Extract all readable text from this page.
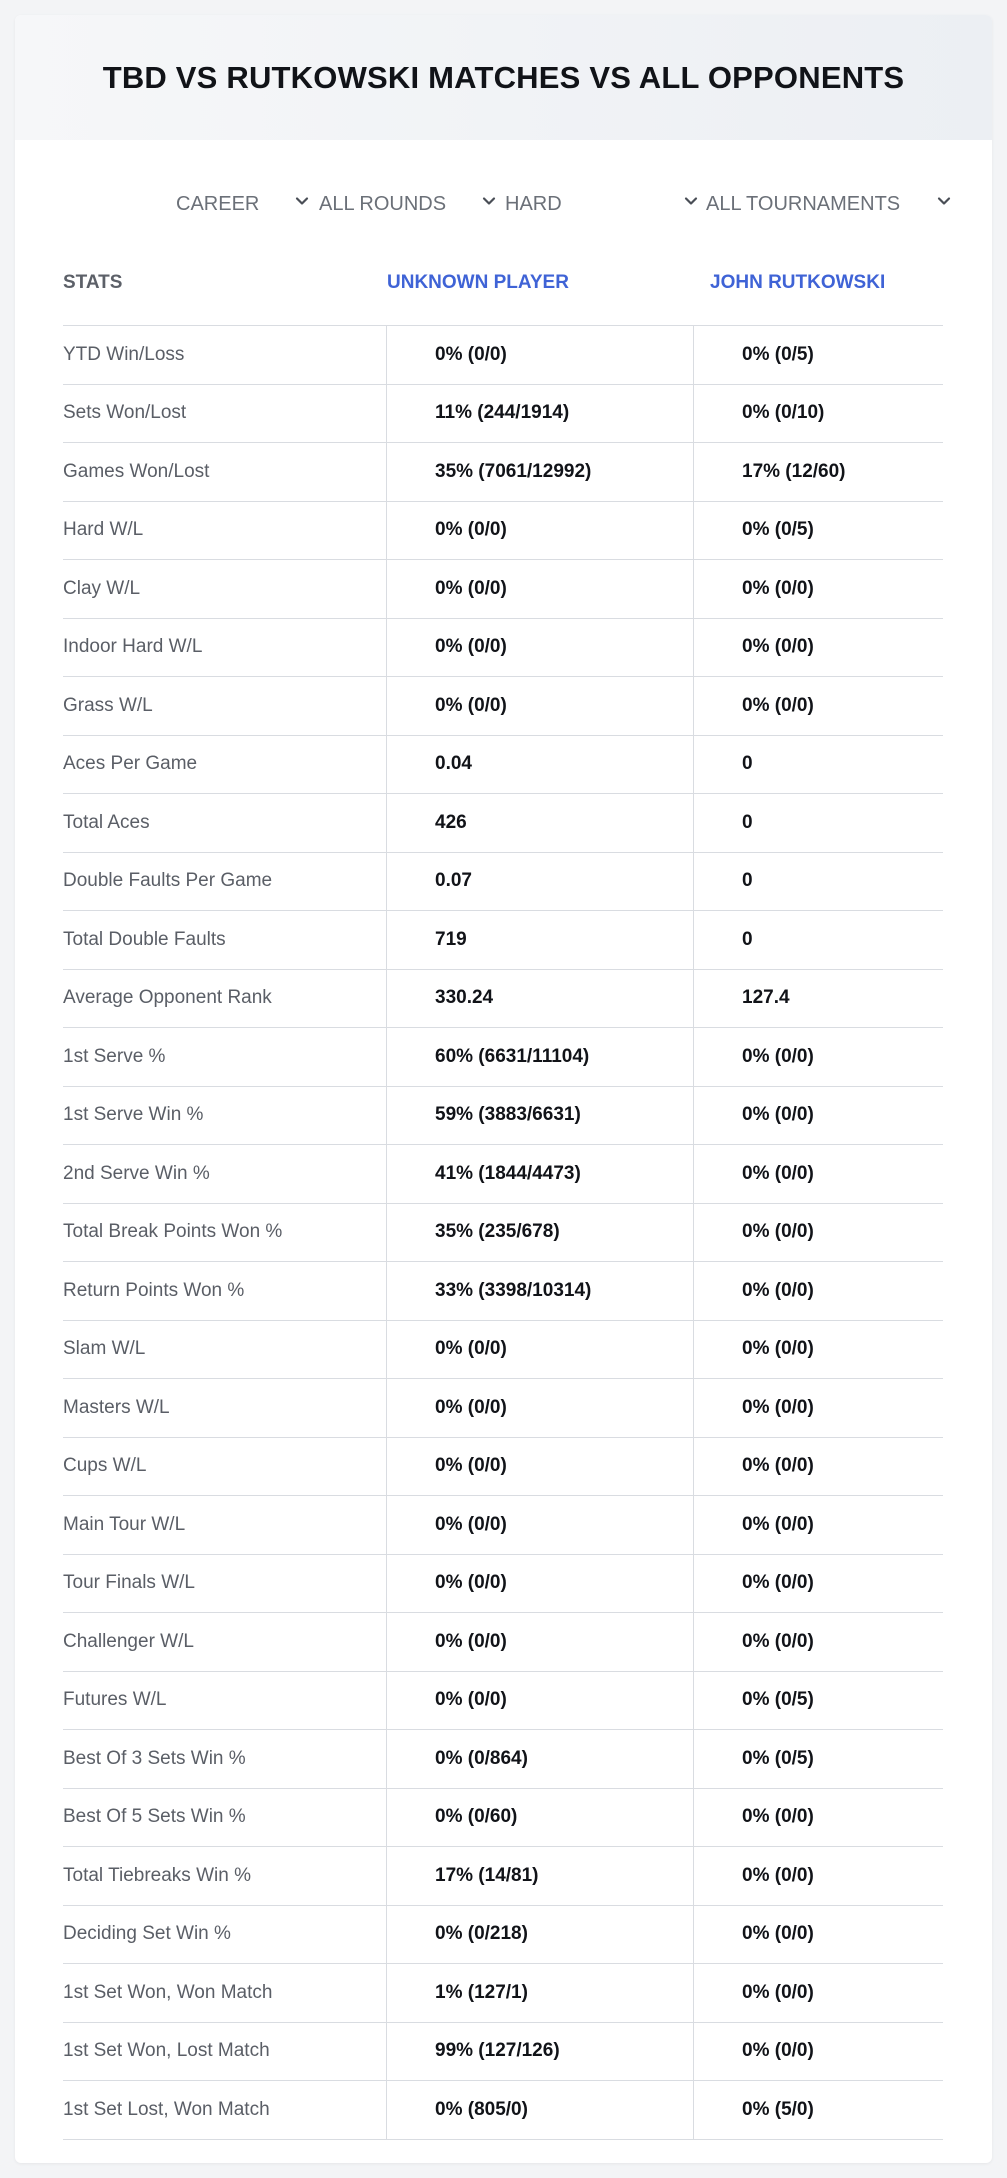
TBD VS RUTKOWSKI MATCHES VS ALL OPPONENTS
CAREER	ALL ROUNDS	HARD	ALL TOURNAMENTS
STATS	UNKNOWN PLAYER	JOHN RUTKOWSKI
YTD Win/Loss	0% (0/0)	0% (0/5)
Sets Won/Lost	11% (244/1914)	0% (0/10)
Games Won/Lost	35% (7061/12992)	17% (12/60)
Hard W/L	0% (0/0)	0% (0/5)
Clay W/L	0% (0/0)	0% (0/0)
Indoor Hard W/L	0% (0/0)	0% (0/0)
Grass W/L	0% (0/0)	0% (0/0)
Aces Per Game	0.04	0
Total Aces	426	0
Double Faults Per Game	0.07	0
Total Double Faults	719	0
Average Opponent Rank	330.24	127.4
1st Serve %	60% (6631/11104)	0% (0/0)
1st Serve Win %	59% (3883/6631)	0% (0/0)
2nd Serve Win %	41% (1844/4473)	0% (0/0)
Total Break Points Won %	35% (235/678)	0% (0/0)
Return Points Won %	33% (3398/10314)	0% (0/0)
Slam W/L	0% (0/0)	0% (0/0)
Masters W/L	0% (0/0)	0% (0/0)
Cups W/L	0% (0/0)	0% (0/0)
Main Tour W/L	0% (0/0)	0% (0/0)
Tour Finals W/L	0% (0/0)	0% (0/0)
Challenger W/L	0% (0/0)	0% (0/0)
Futures W/L	0% (0/0)	0% (0/5)
Best Of 3 Sets Win %	0% (0/864)	0% (0/5)
Best Of 5 Sets Win %	0% (0/60)	0% (0/0)
Total Tiebreaks Win %	17% (14/81)	0% (0/0)
Deciding Set Win %	0% (0/218)	0% (0/0)
1st Set Won, Won Match	1% (127/1)	0% (0/0)
1st Set Won, Lost Match	99% (127/126)	0% (0/0)
1st Set Lost, Won Match	0% (805/0)	0% (5/0)
